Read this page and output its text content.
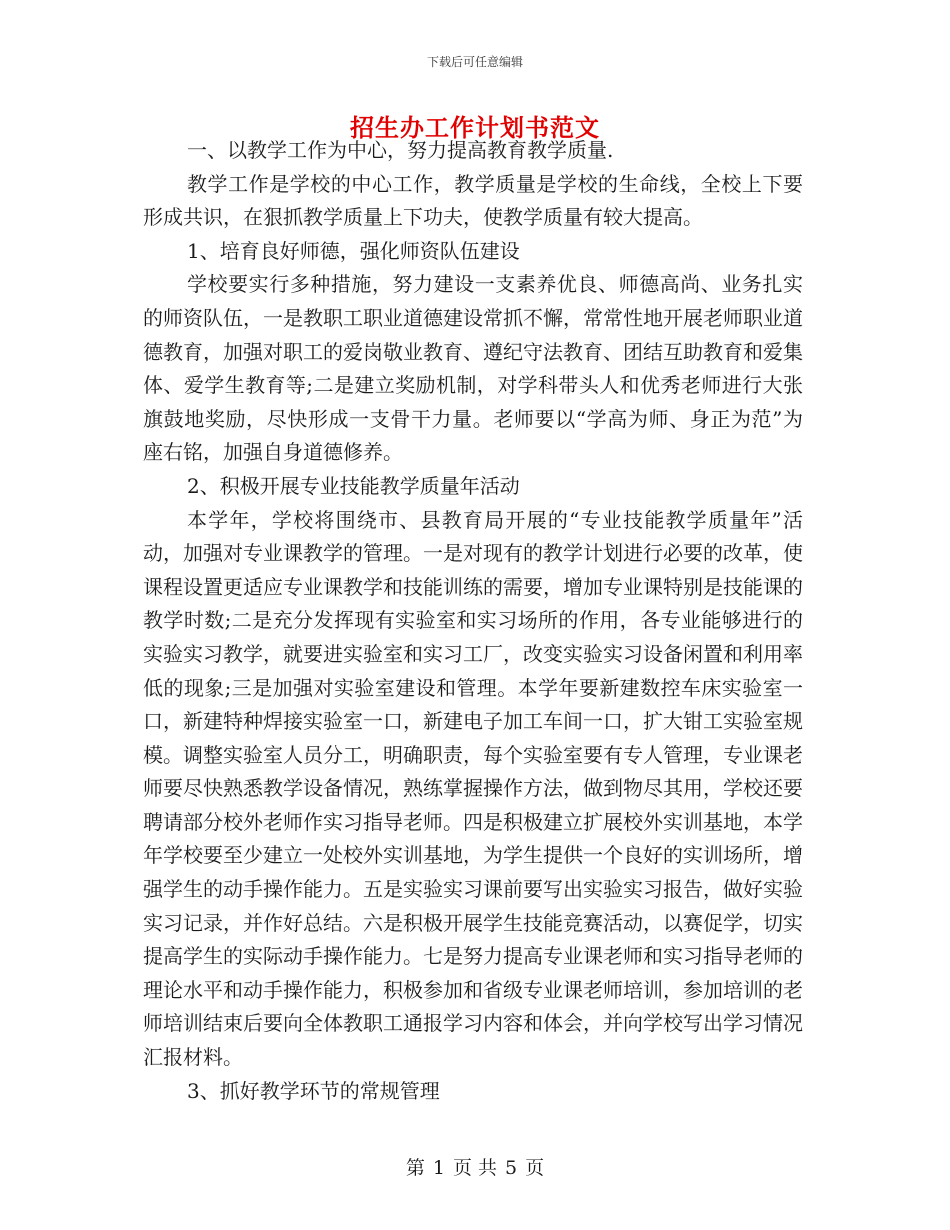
下载后可任意编辑
招生办工作计划书范文

一、以教学工作为中心，努力提高教育教学质量.

教学工作是学校的中心工作，教学质量是学校的生命线，全校上下要形成共识，在狠抓教学质量上下功夫，使教学质量有较大提高。

1、培育良好师德，强化师资队伍建设

学校要实行多种措施，努力建设一支素养优良、师德高尚、业务扎实的师资队伍，一是教职工职业道德建设常抓不懈，常常性地开展老师职业道德教育，加强对职工的爱岗敬业教育、遵纪守法教育、团结互助教育和爱集体、爱学生教育等;二是建立奖励机制，对学科带头人和优秀老师进行大张旗鼓地奖励，尽快形成一支骨干力量。老师要以“学高为师、身正为范”为座右铭，加强自身道德修养。

2、积极开展专业技能教学质量年活动

本学年，学校将围绕市、县教育局开展的“专业技能教学质量年”活动，加强对专业课教学的管理。一是对现有的教学计划进行必要的改革，使课程设置更适应专业课教学和技能训练的需要，增加专业课特别是技能课的教学时数;二是充分发挥现有实验室和实习场所的作用，各专业能够进行的实验实习教学，就要进实验室和实习工厂，改变实验实习设备闲置和利用率低的现象;三是加强对实验室建设和管理。本学年要新建数控车床实验室一口，新建特种焊接实验室一口，新建电子加工车间一口，扩大钳工实验室规模。调整实验室人员分工，明确职责，每个实验室要有专人管理，专业课老师要尽快熟悉教学设备情况，熟练掌握操作方法，做到物尽其用，学校还要聘请部分校外老师作实习指导老师。四是积极建立扩展校外实训基地，本学年学校要至少建立一处校外实训基地，为学生提供一个良好的实训场所，增强学生的动手操作能力。五是实验实习课前要写出实验实习报告，做好实验实习记录，并作好总结。六是积极开展学生技能竞赛活动，以赛促学，切实提高学生的实际动手操作能力。七是努力提高专业课老师和实习指导老师的理论水平和动手操作能力，积极参加和省级专业课老师培训，参加培训的老师培训结束后要向全体教职工通报学习内容和体会，并向学校写出学习情况汇报材料。

3、抓好教学环节的常规管理

第 1 页 共 5 页
